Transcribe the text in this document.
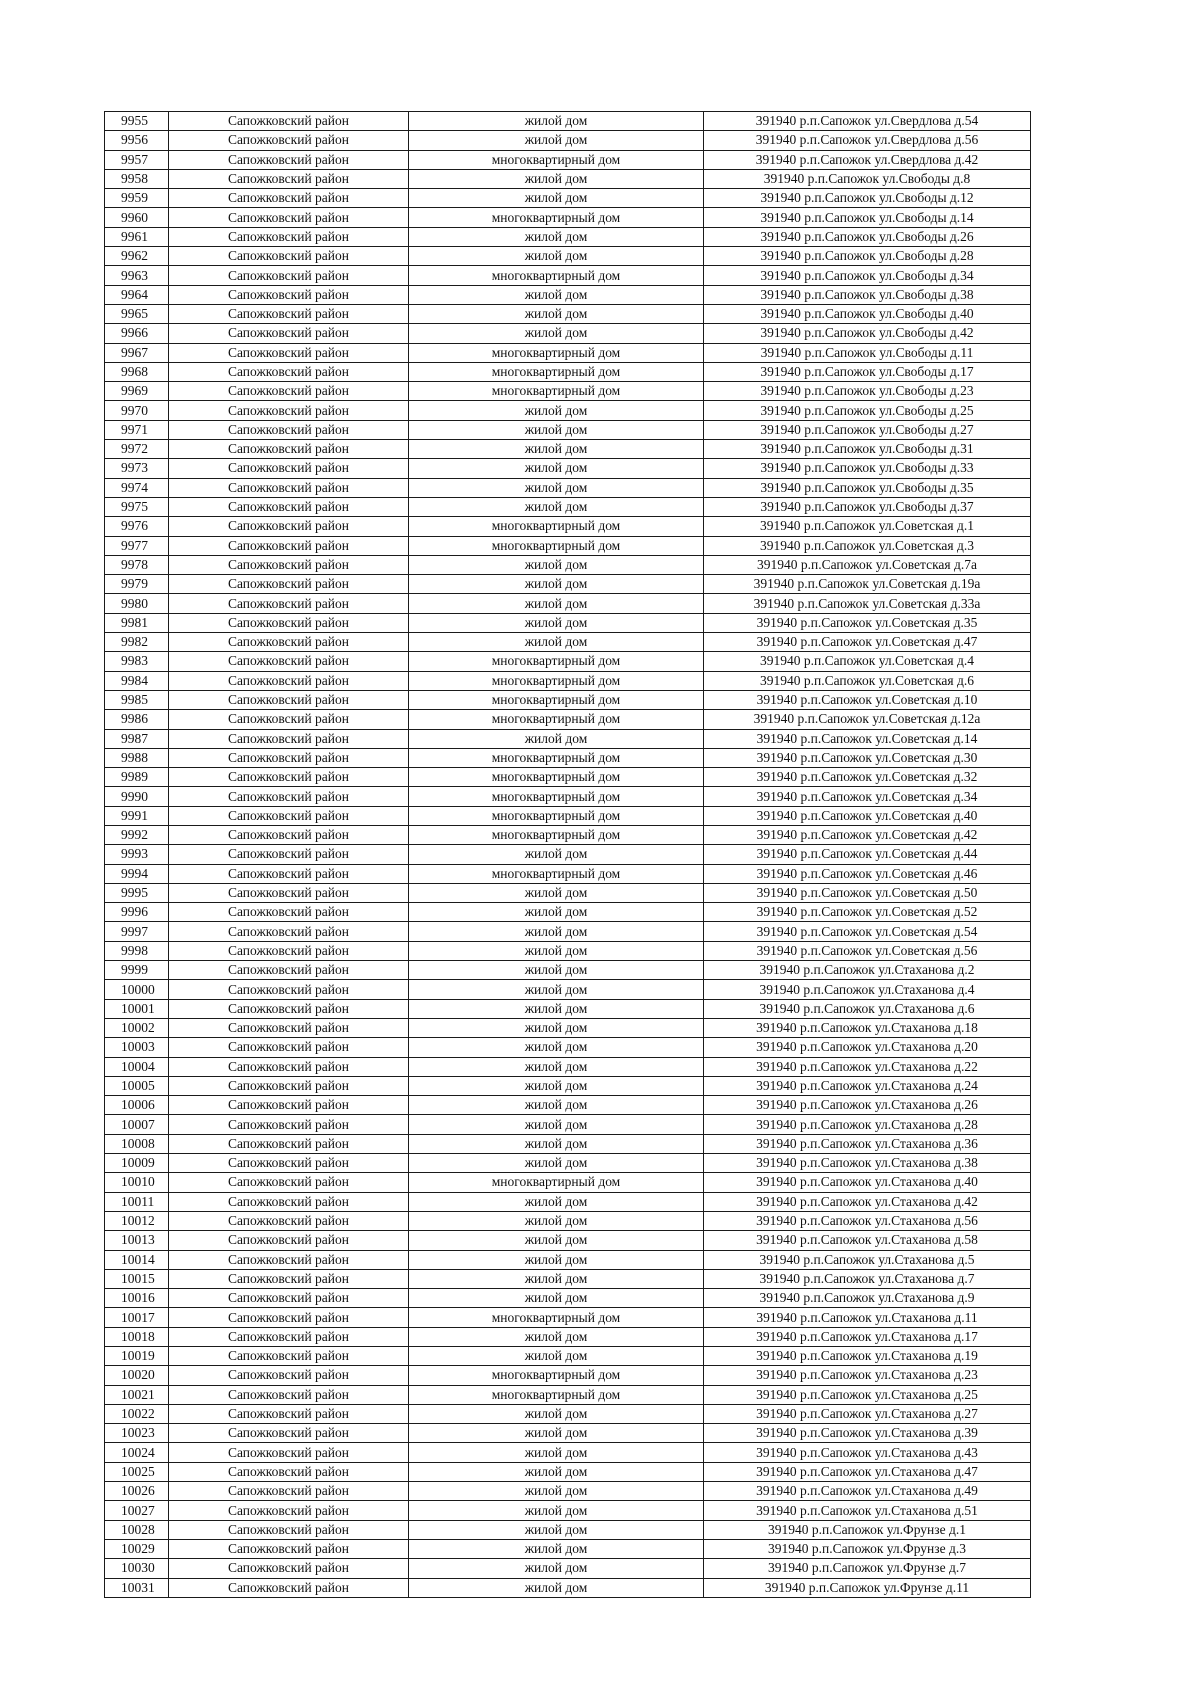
9955	Сапожковский район	жилой дом	391940 р.п.Сапожок ул.Свердлова д.54
9956	Сапожковский район	жилой дом	391940 р.п.Сапожок ул.Свердлова д.56
9957	Сапожковский район	многоквартирный дом	391940 р.п.Сапожок ул.Свердлова д.42
9958	Сапожковский район	жилой дом	391940 р.п.Сапожок ул.Свободы д.8
9959	Сапожковский район	жилой дом	391940 р.п.Сапожок ул.Свободы д.12
9960	Сапожковский район	многоквартирный дом	391940 р.п.Сапожок ул.Свободы д.14
9961	Сапожковский район	жилой дом	391940 р.п.Сапожок ул.Свободы д.26
9962	Сапожковский район	жилой дом	391940 р.п.Сапожок ул.Свободы д.28
9963	Сапожковский район	многоквартирный дом	391940 р.п.Сапожок ул.Свободы д.34
9964	Сапожковский район	жилой дом	391940 р.п.Сапожок ул.Свободы д.38
9965	Сапожковский район	жилой дом	391940 р.п.Сапожок ул.Свободы д.40
9966	Сапожковский район	жилой дом	391940 р.п.Сапожок ул.Свободы д.42
9967	Сапожковский район	многоквартирный дом	391940 р.п.Сапожок ул.Свободы д.11
9968	Сапожковский район	многоквартирный дом	391940 р.п.Сапожок ул.Свободы д.17
9969	Сапожковский район	многоквартирный дом	391940 р.п.Сапожок ул.Свободы д.23
9970	Сапожковский район	жилой дом	391940 р.п.Сапожок ул.Свободы д.25
9971	Сапожковский район	жилой дом	391940 р.п.Сапожок ул.Свободы д.27
9972	Сапожковский район	жилой дом	391940 р.п.Сапожок ул.Свободы д.31
9973	Сапожковский район	жилой дом	391940 р.п.Сапожок ул.Свободы д.33
9974	Сапожковский район	жилой дом	391940 р.п.Сапожок ул.Свободы д.35
9975	Сапожковский район	жилой дом	391940 р.п.Сапожок ул.Свободы д.37
9976	Сапожковский район	многоквартирный дом	391940 р.п.Сапожок ул.Советская д.1
9977	Сапожковский район	многоквартирный дом	391940 р.п.Сапожок ул.Советская д.3
9978	Сапожковский район	жилой дом	391940 р.п.Сапожок ул.Советская д.7а
9979	Сапожковский район	жилой дом	391940 р.п.Сапожок ул.Советская д.19а
9980	Сапожковский район	жилой дом	391940 р.п.Сапожок ул.Советская д.33а
9981	Сапожковский район	жилой дом	391940 р.п.Сапожок ул.Советская д.35
9982	Сапожковский район	жилой дом	391940 р.п.Сапожок ул.Советская д.47
9983	Сапожковский район	многоквартирный дом	391940 р.п.Сапожок ул.Советская д.4
9984	Сапожковский район	многоквартирный дом	391940 р.п.Сапожок ул.Советская д.6
9985	Сапожковский район	многоквартирный дом	391940 р.п.Сапожок ул.Советская д.10
9986	Сапожковский район	многоквартирный дом	391940 р.п.Сапожок ул.Советская д.12а
9987	Сапожковский район	жилой дом	391940 р.п.Сапожок ул.Советская д.14
9988	Сапожковский район	многоквартирный дом	391940 р.п.Сапожок ул.Советская д.30
9989	Сапожковский район	многоквартирный дом	391940 р.п.Сапожок ул.Советская д.32
9990	Сапожковский район	многоквартирный дом	391940 р.п.Сапожок ул.Советская д.34
9991	Сапожковский район	многоквартирный дом	391940 р.п.Сапожок ул.Советская д.40
9992	Сапожковский район	многоквартирный дом	391940 р.п.Сапожок ул.Советская д.42
9993	Сапожковский район	жилой дом	391940 р.п.Сапожок ул.Советская д.44
9994	Сапожковский район	многоквартирный дом	391940 р.п.Сапожок ул.Советская д.46
9995	Сапожковский район	жилой дом	391940 р.п.Сапожок ул.Советская д.50
9996	Сапожковский район	жилой дом	391940 р.п.Сапожок ул.Советская д.52
9997	Сапожковский район	жилой дом	391940 р.п.Сапожок ул.Советская д.54
9998	Сапожковский район	жилой дом	391940 р.п.Сапожок ул.Советская д.56
9999	Сапожковский район	жилой дом	391940 р.п.Сапожок ул.Стаханова д.2
10000	Сапожковский район	жилой дом	391940 р.п.Сапожок ул.Стаханова д.4
10001	Сапожковский район	жилой дом	391940 р.п.Сапожок ул.Стаханова д.6
10002	Сапожковский район	жилой дом	391940 р.п.Сапожок ул.Стаханова д.18
10003	Сапожковский район	жилой дом	391940 р.п.Сапожок ул.Стаханова д.20
10004	Сапожковский район	жилой дом	391940 р.п.Сапожок ул.Стаханова д.22
10005	Сапожковский район	жилой дом	391940 р.п.Сапожок ул.Стаханова д.24
10006	Сапожковский район	жилой дом	391940 р.п.Сапожок ул.Стаханова д.26
10007	Сапожковский район	жилой дом	391940 р.п.Сапожок ул.Стаханова д.28
10008	Сапожковский район	жилой дом	391940 р.п.Сапожок ул.Стаханова д.36
10009	Сапожковский район	жилой дом	391940 р.п.Сапожок ул.Стаханова д.38
10010	Сапожковский район	многоквартирный дом	391940 р.п.Сапожок ул.Стаханова д.40
10011	Сапожковский район	жилой дом	391940 р.п.Сапожок ул.Стаханова д.42
10012	Сапожковский район	жилой дом	391940 р.п.Сапожок ул.Стаханова д.56
10013	Сапожковский район	жилой дом	391940 р.п.Сапожок ул.Стаханова д.58
10014	Сапожковский район	жилой дом	391940 р.п.Сапожок ул.Стаханова д.5
10015	Сапожковский район	жилой дом	391940 р.п.Сапожок ул.Стаханова д.7
10016	Сапожковский район	жилой дом	391940 р.п.Сапожок ул.Стаханова д.9
10017	Сапожковский район	многоквартирный дом	391940 р.п.Сапожок ул.Стаханова д.11
10018	Сапожковский район	жилой дом	391940 р.п.Сапожок ул.Стаханова д.17
10019	Сапожковский район	жилой дом	391940 р.п.Сапожок ул.Стаханова д.19
10020	Сапожковский район	многоквартирный дом	391940 р.п.Сапожок ул.Стаханова д.23
10021	Сапожковский район	многоквартирный дом	391940 р.п.Сапожок ул.Стаханова д.25
10022	Сапожковский район	жилой дом	391940 р.п.Сапожок ул.Стаханова д.27
10023	Сапожковский район	жилой дом	391940 р.п.Сапожок ул.Стаханова д.39
10024	Сапожковский район	жилой дом	391940 р.п.Сапожок ул.Стаханова д.43
10025	Сапожковский район	жилой дом	391940 р.п.Сапожок ул.Стаханова д.47
10026	Сапожковский район	жилой дом	391940 р.п.Сапожок ул.Стаханова д.49
10027	Сапожковский район	жилой дом	391940 р.п.Сапожок ул.Стаханова д.51
10028	Сапожковский район	жилой дом	391940 р.п.Сапожок ул.Фрунзе д.1
10029	Сапожковский район	жилой дом	391940 р.п.Сапожок ул.Фрунзе д.3
10030	Сапожковский район	жилой дом	391940 р.п.Сапожок ул.Фрунзе д.7
10031	Сапожковский район	жилой дом	391940 р.п.Сапожок ул.Фрунзе д.11
